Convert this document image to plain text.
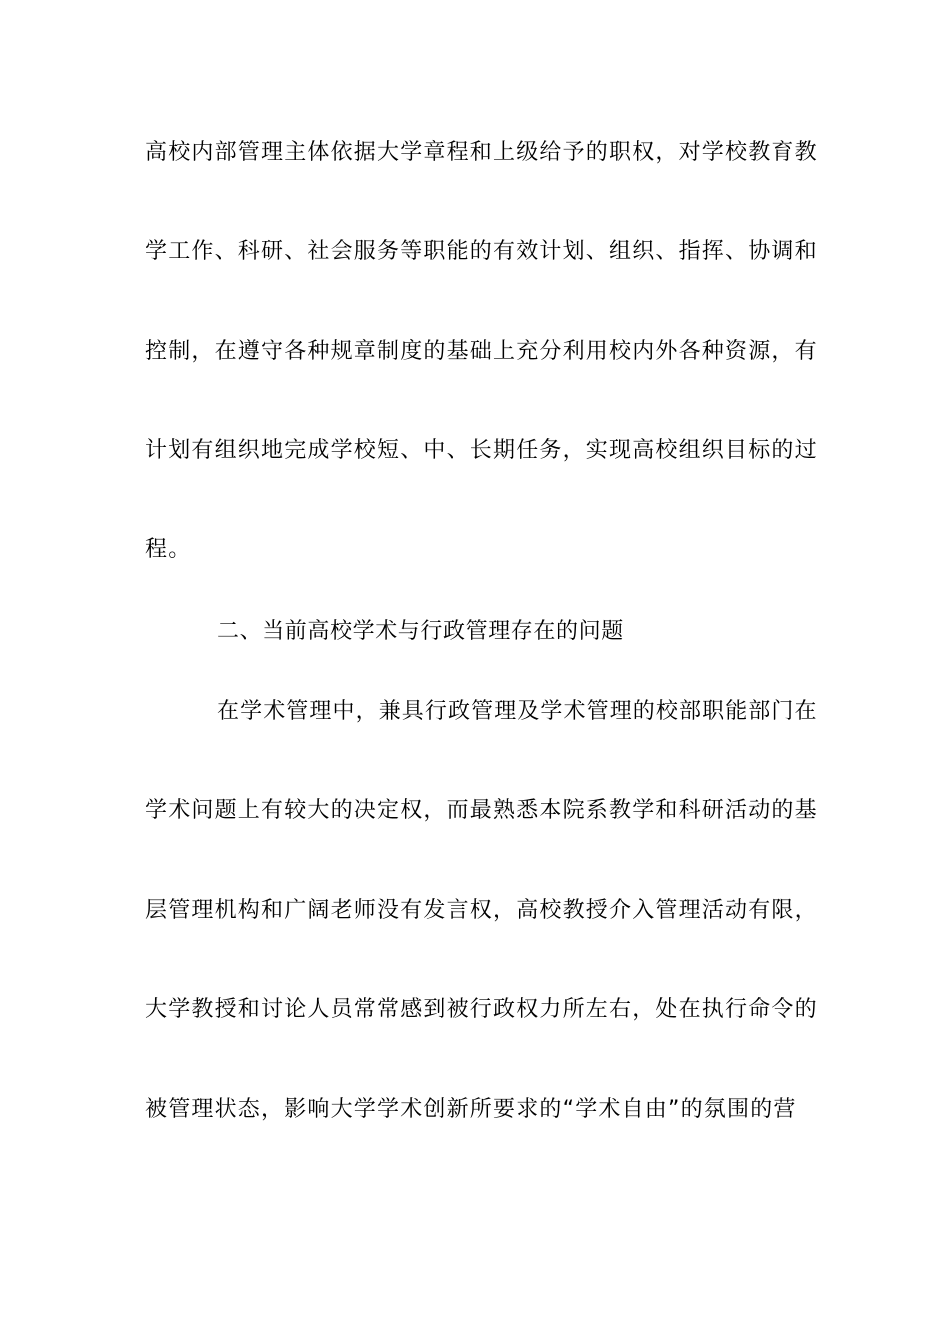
高校内部管理主体依据大学章程和上级给予的职权，对学校教育教
学工作、科研、社会服务等职能的有效计划、组织、指挥、协调和
控制，在遵守各种规章制度的基础上充分利用校内外各种资源，有
计划有组织地完成学校短、中、长期任务，实现高校组织目标的过
程。
二、当前高校学术与行政管理存在的问题
在学术管理中，兼具行政管理及学术管理的校部职能部门在
学术问题上有较大的决定权，而最熟悉本院系教学和科研活动的基
层管理机构和广阔老师没有发言权，高校教授介入管理活动有限，
大学教授和讨论人员常常感到被行政权力所左右，处在执行命令的
被管理状态，影响大学学术创新所要求的“学术自由”的氛围的营
